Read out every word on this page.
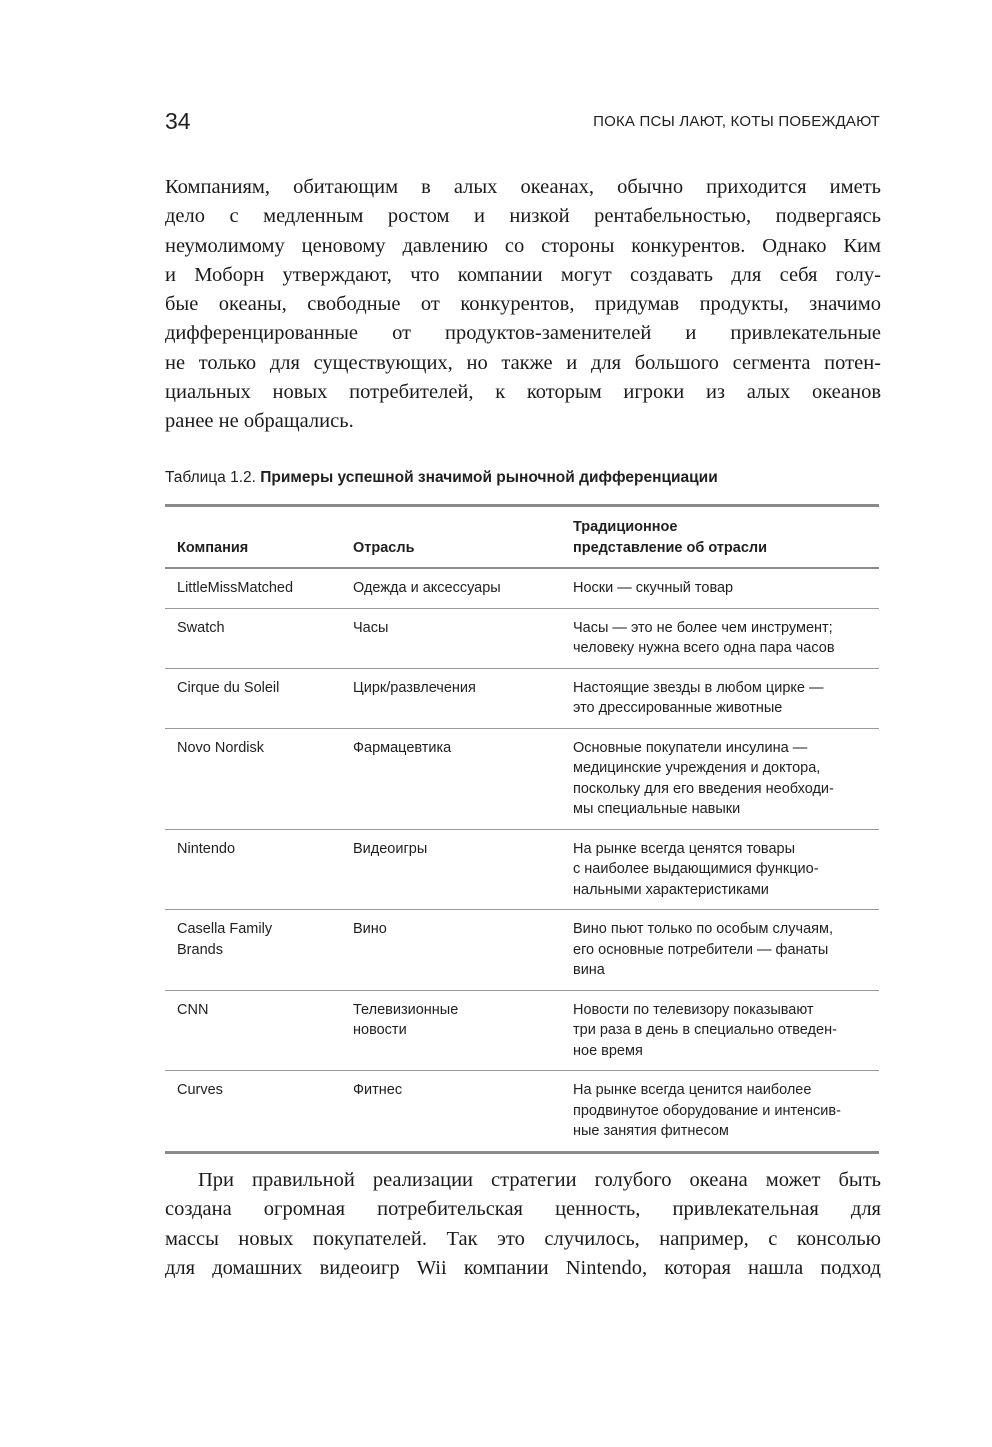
34	ПОКА ПСЫ ЛАЮТ, КОТЫ ПОБЕЖДАЮТ
Компаниям, обитающим в алых океанах, обычно приходится иметь
дело с медленным ростом и низкой рентабельностью, подвергаясь
неумолимому ценовому давлению со стороны конкурентов. Однако Ким
и Моборн утверждают, что компании могут создавать для себя голу-
бые океаны, свободные от конкурентов, придумав продукты, значимо
дифференцированные от продуктов-заменителей и привлекательные
не только для существующих, но также и для большого сегмента потен-
циальных новых потребителей, к которым игроки из алых океанов
ранее не обращались.
Таблица 1.2. Примеры успешной значимой рыночной дифференциации
Компания	Отрасль	Традиционное
представление об отрасли

LittleMissMatched	Одежда и аксессуары	Носки — скучный товар

Swatch	Часы	Часы — это не более чем инструмент;
человеку нужна всего одна пара часов

Cirque du Soleil	Цирк/развлечения	Настоящие звезды в любом цирке —
это дрессированные животные

Novo Nordisk	Фармацевтика	Основные покупатели инсулина —
медицинские учреждения и доктора,
поскольку для его введения необходи-
мы специальные навыки

Nintendo	Видеоигры	На рынке всегда ценятся товары
с наиболее выдающимися функцио-
нальными характеристиками

Casella Family
Brands	Вино	Вино пьют только по особым случаям,
его основные потребители — фанаты
вина

CNN	Телевизионные
новости	Новости по телевизору показывают
три раза в день в специально отведен-
ное время

Curves	Фитнес	На рынке всегда ценится наиболее
продвинутое оборудование и интенсив-
ные занятия фитнесом
При правильной реализации стратегии голубого океана может быть
создана огромная потребительская ценность, привлекательная для
массы новых покупателей. Так это случилось, например, с консолью
для домашних видеоигр Wii компании Nintendo, которая нашла подход
